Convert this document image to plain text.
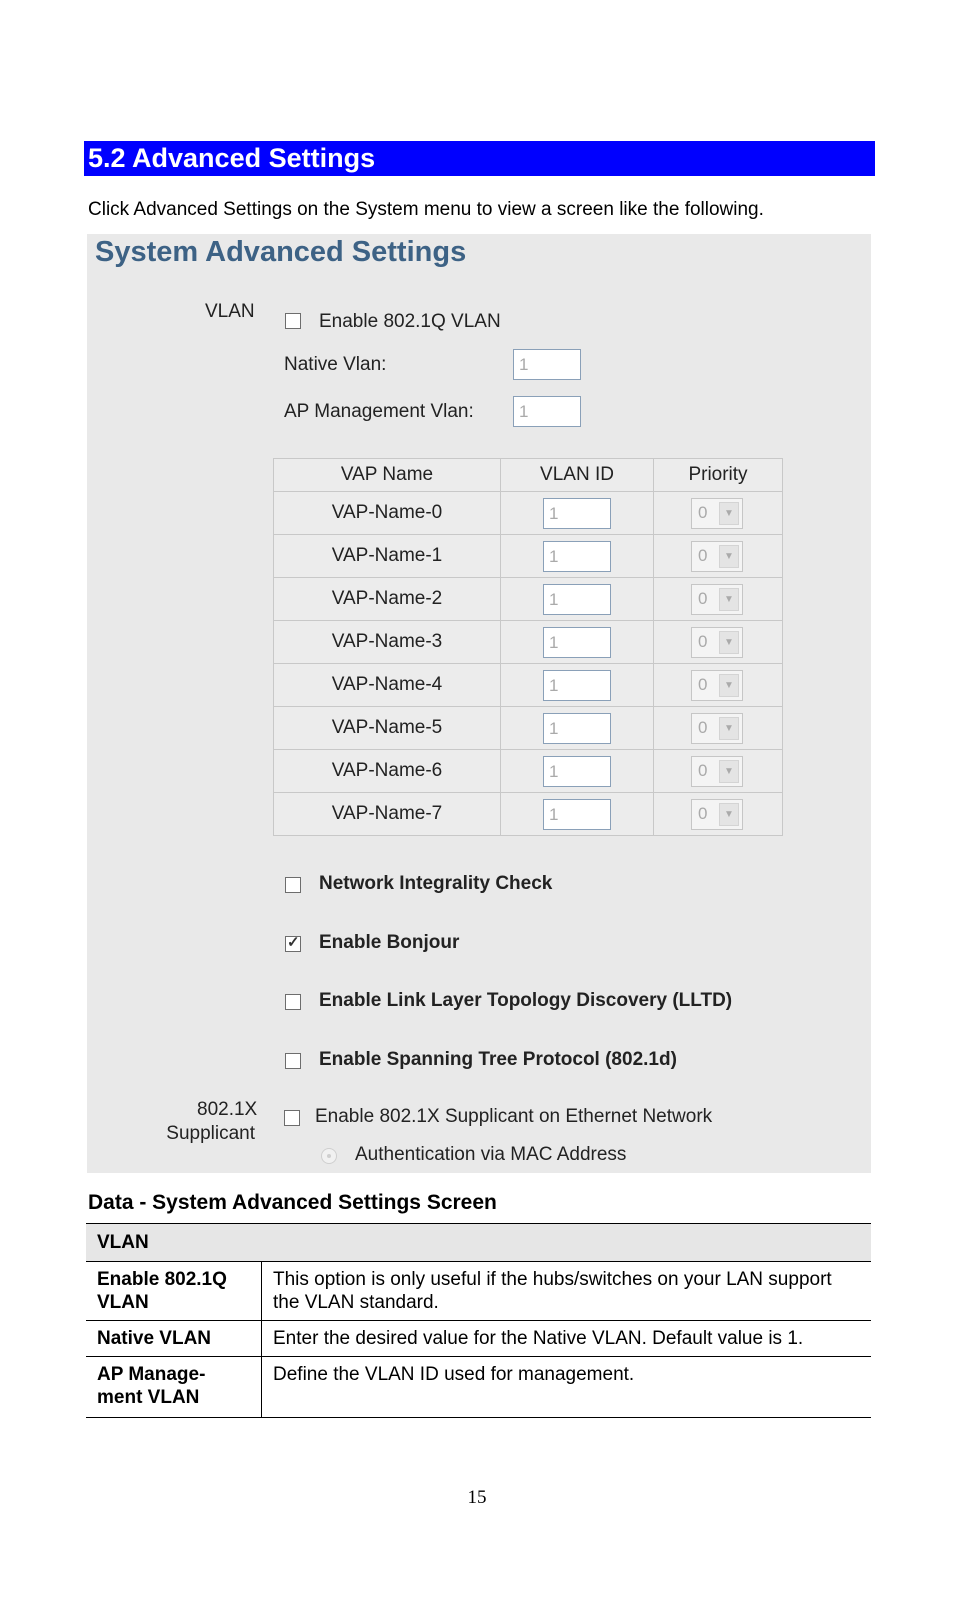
5.2 Advanced Settings
Click Advanced Settings on the System menu to view a screen like the following.
System Advanced Settings
VLAN	Enable 802.1Q VLAN
Native Vlan:	1
AP Management Vlan:	1
VAP Name	VLAN ID	Priority
VAP-Name-0	1	0 ▼

VAP-Name-1	1	0 ▼

VAP-Name-2	1	0 ▼

VAP-Name-3	1	0 ▼

VAP-Name-4	1	0 ▼

VAP-Name-5	1	0 ▼

VAP-Name-6	1	0 ▼

VAP-Name-7	1	0 ▼
Network Integrality Check
✓
Enable Bonjour
Enable Link Layer Topology Discovery (LLTD)
Enable Spanning Tree Protocol (802.1d)
802.1X
Supplicant
Enable 802.1X Supplicant on Ethernet Network
Authentication via MAC Address
Data - System Advanced Settings Screen
VLAN	
Enable 802.1Q VLAN	This option is only useful if the hubs/switches on your LAN support the VLAN standard.
Native VLAN	Enter the desired value for the Native VLAN. Default value is 1.
AP Manage-ment VLAN	Define the VLAN ID used for management.
15
